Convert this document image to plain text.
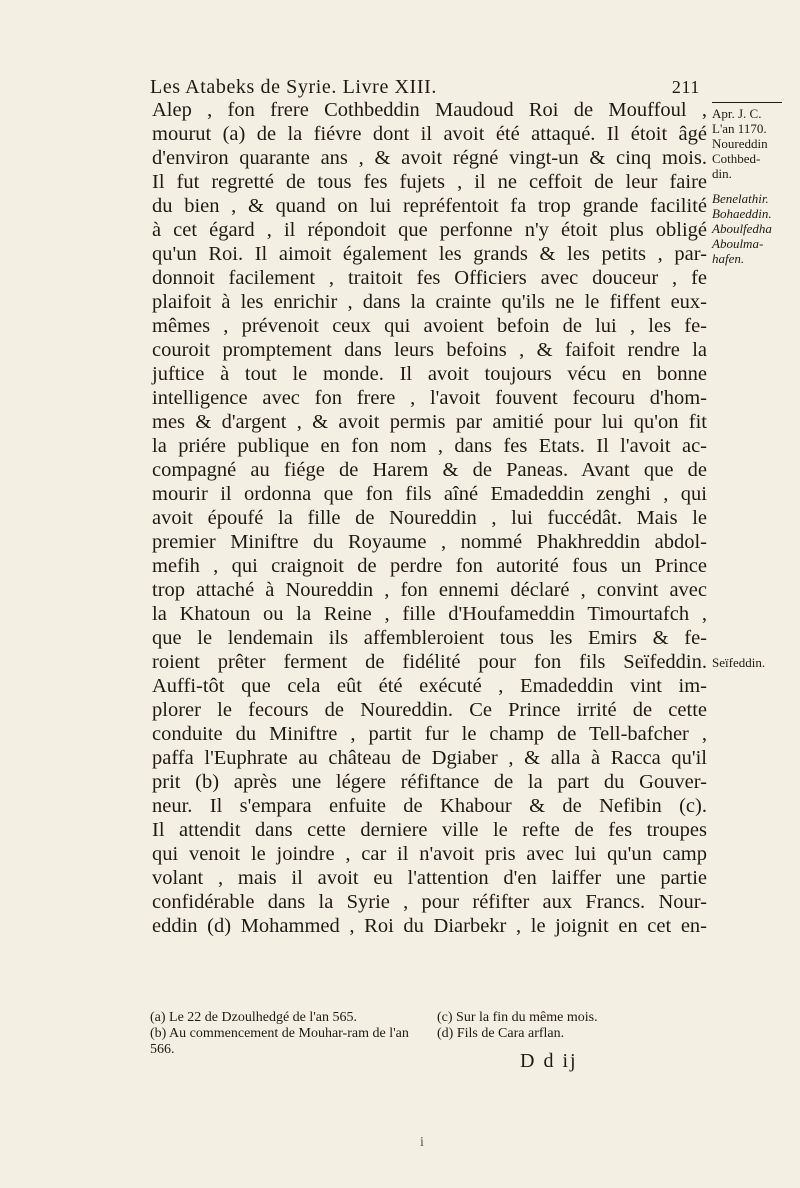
Les Atabeks de Syrie. Livre XIII.	211

Alep , fon frere Cothbeddin Maudoud Roi de Mouffoul ,

mourut (a) de la fiévre dont il avoit été attaqué. Il étoit âgé

d'environ quarante ans , & avoit régné vingt-un & cinq mois.

Il fut regretté de tous fes fujets , il ne ceffoit de leur faire

du bien , & quand on lui repréfentoit fa trop grande facilité

à cet égard , il répondoit que perfonne n'y étoit plus obligé

qu'un Roi. Il aimoit également les grands & les petits , par-

donnoit facilement , traitoit fes Officiers avec douceur , fe

plaifoit à les enrichir , dans la crainte qu'ils ne le fiffent eux-

mêmes , prévenoit ceux qui avoient befoin de lui , les fe-

couroit promptement dans leurs befoins , & faifoit rendre la

juftice à tout le monde. Il avoit toujours vécu en bonne

intelligence avec fon frere , l'avoit fouvent fecouru d'hom-

mes & d'argent , & avoit permis par amitié pour lui qu'on fit

la priére publique en fon nom , dans fes Etats. Il l'avoit ac-

compagné au fiége de Harem & de Paneas. Avant que de

mourir il ordonna que fon fils aîné Emadeddin zenghi , qui

avoit époufé la fille de Noureddin , lui fuccédât. Mais le

premier Miniftre du Royaume , nommé Phakhreddin abdol-

mefih , qui craignoit de perdre fon autorité fous un Prince

trop attaché à Noureddin , fon ennemi déclaré , convint avec

la Khatoun ou la Reine , fille d'Houfameddin Timourtafch ,

que le lendemain ils affembleroient tous les Emirs & fe-

roient prêter ferment de fidélité pour fon fils Seïfeddin.

Auffi-tôt que cela eût été exécuté , Emadeddin vint im-

plorer le fecours de Noureddin. Ce Prince irrité de cette

conduite du Miniftre , partit fur le champ de Tell-bafcher ,

paffa l'Euphrate au château de Dgiaber , & alla à Racca qu'il

prit (b) après une légere réfiftance de la part du Gouver-

neur. Il s'empara enfuite de Khabour & de Nefibin (c).

Il attendit dans cette derniere ville le refte de fes troupes

qui venoit le joindre , car il n'avoit pris avec lui qu'un camp

volant , mais il avoit eu l'attention d'en laiffer une partie

confidérable dans la Syrie , pour réfifter aux Francs. Nour-

eddin (d) Mohammed , Roi du Diarbekr , le joignit en cet en-

Apr. J. C.
L'an 1170.
Noureddin
Cothbed-
din.
Benelathir.
Bohaeddin.
Aboulfedha
Aboulma-
hafen.
Seïfeddin.
(a) Le 22 de Dzoulhedgé de l'an 565.	(c) Sur la fin du même mois.
(b) Au commencement de Mouhar-ram de l'an 566.
(d) Fils de Cara arflan.
D d ij
i
